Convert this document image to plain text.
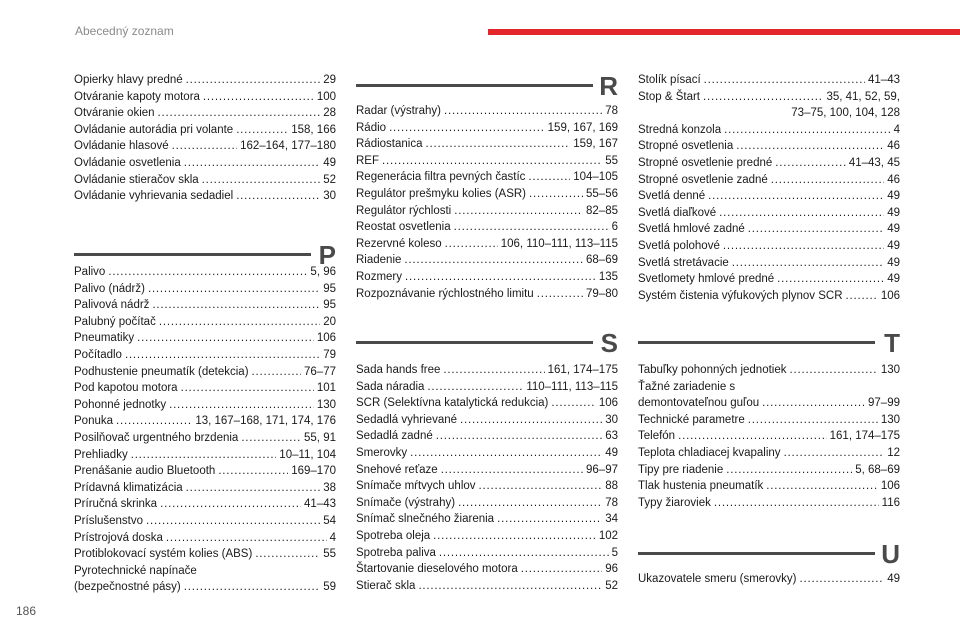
Abecedný zoznam
Opierky hlavy predné . . .	29
Otváranie kapoty motora . . .	100
Otváranie okien . . .	28
Ovládanie autorádia pri volante . . .	158, 166
Ovládanie hlasové . . .	162–164, 177–180
Ovládanie osvetlenia . . .	49
Ovládanie stieračov skla . . .	52
Ovládanie vyhrievania sedadiel . . .	30
P
Palivo . . .	5, 96
Palivo (nádrž) . . .	95
Palivová nádrž . . .	95
Palubný počítač . . .	20
Pneumatiky . . .	106
Počítadlo . . .	79
Podhustenie pneumatík (detekcia) . . .	76–77
Pod kapotou motora . . .	101
Pohonné jednotky . . .	130
Ponuka . . .	13, 167–168, 171, 174, 176
Posilňovač urgentného brzdenia . . .	55, 91
Prehliadky . . .	10–11, 104
Prenášanie audio Bluetooth . . .	169–170
Prídavná klimatizácia . . .	38
Príručná skrinka . . .	41–43
Príslušenstvo . . .	54
Prístrojová doska . . .	4
Protiblokovací systém kolies (ABS) . . .	55
Pyrotechnické napínače
(bezpečnostné pásy) . . .	59
R
Radar (výstrahy) . . .	78
Rádio . . .	159, 167, 169
Rádiostanica . . .	159, 167
REF . . .	55
Regenerácia filtra pevných častíc . . .	104–105
Regulátor prešmyku kolies (ASR) . . .	55–56
Regulátor rýchlosti . . .	82–85
Reostat osvetlenia . . .	6
Rezervné koleso . . .	106, 110–111, 113–115
Riadenie . . .	68–69
Rozmery . . .	135
Rozpoznávanie rýchlostného limitu . . .	79–80
S
Sada hands free . . .	161, 174–175
Sada náradia . . .	110–111, 113–115
SCR (Selektívna katalytická redukcia) . . .	106
Sedadlá vyhrievané . . .	30
Sedadlá zadné . . .	63
Smerovky . . .	49
Snehové reťaze . . .	96–97
Snímače mŕtvych uhlov . . .	88
Snímače (výstrahy) . . .	78
Snímač slnečného žiarenia . . .	34
Spotreba oleja . . .	102
Spotreba paliva . . .	5
Štartovanie dieselového motora . . .	96
Stierač skla . . .	52
Stolík písací . . .	41–43
Stop & Štart . . .	35, 41, 52, 59,
73–75, 100, 104, 128
Stredná konzola . . .	4
Stropné osvetlenia . . .	46
Stropné osvetlenie predné . . .	41–43, 45
Stropné osvetlenie zadné . . .	46
Svetlá denné . . .	49
Svetlá diaľkové . . .	49
Svetlá hmlové zadné . . .	49
Svetlá polohové . . .	49
Svetlá stretávacie . . .	49
Svetlomety hmlové predné . . .	49
Systém čistenia výfukových plynov SCR . . .	106
T
Tabuľky pohonných jednotiek . . .	130
Ťažné zariadenie s
demontovateľnou guľou . . .	97–99
Technické parametre . . .	130
Telefón . . .	161, 174–175
Teplota chladiacej kvapaliny . . .	12
Tipy pre riadenie . . .	5, 68–69
Tlak hustenia pneumatík . . .	106
Typy žiaroviek . . .	116
U
Ukazovatele smeru (smerovky) . . .	49
186
